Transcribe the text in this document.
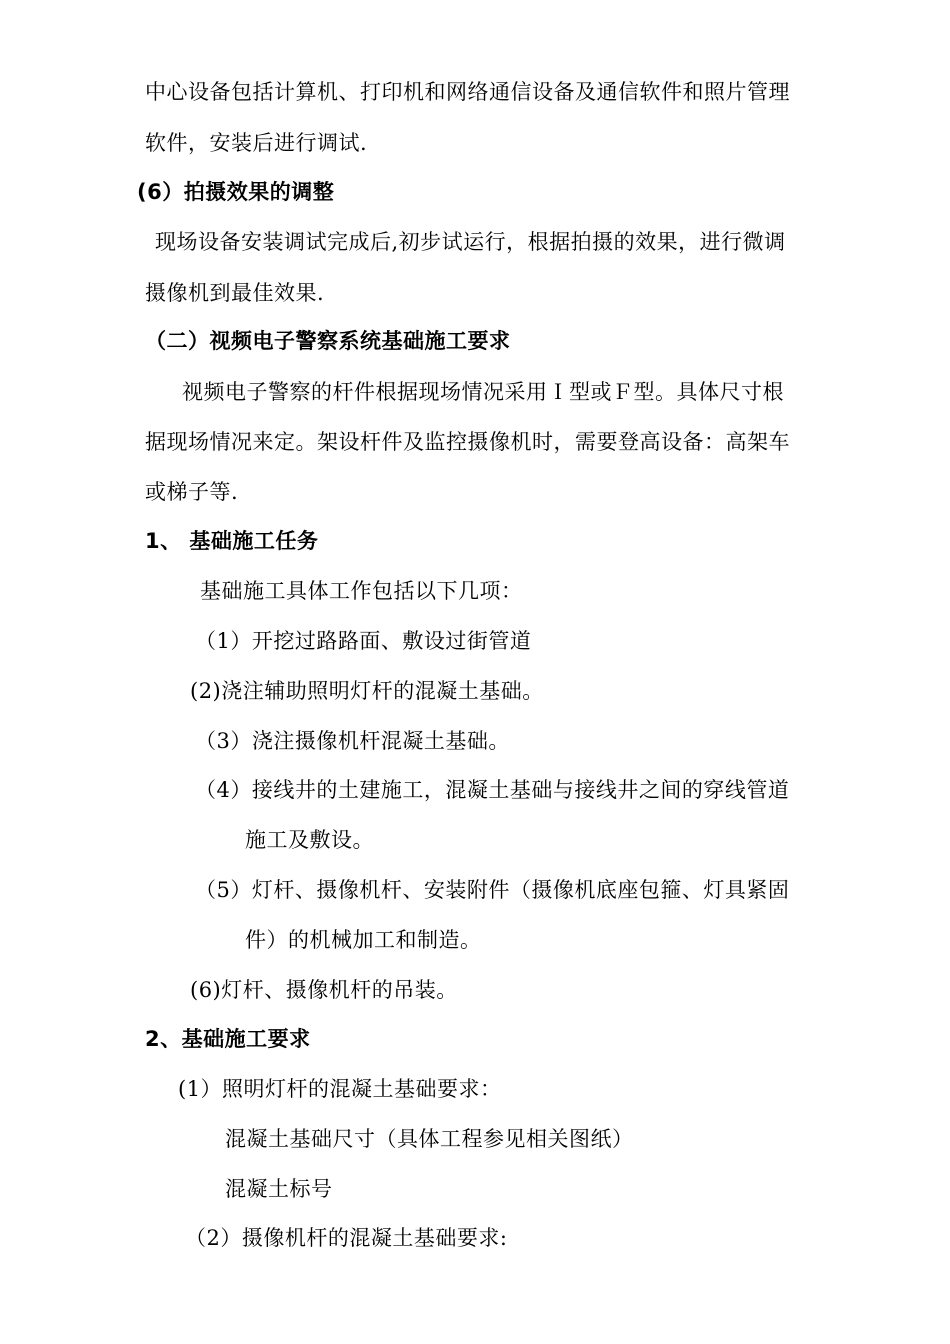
中心设备包括计算机、打印机和网络通信设备及通信软件和照片管理
软件，安装后进行调试.
(6）拍摄效果的调整
现场设备安装调试完成后,初步试运行，根据拍摄的效果，进行微调
摄像机到最佳效果.
（二）视频电子警察系统基础施工要求
视频电子警察的杆件根据现场情况采用Ｉ型或Ｆ型。具体尺寸根
据现场情况来定。架设杆件及监控摄像机时，需要登高设备：高架车
或梯子等.
1、 基础施工任务
基础施工具体工作包括以下几项：
（1）开挖过路路面、敷设过街管道
(2)浇注辅助照明灯杆的混凝土基础。
（3）浇注摄像机杆混凝土基础。
（4）接线井的土建施工，混凝土基础与接线井之间的穿线管道
施工及敷设。
（5）灯杆、摄像机杆、安装附件（摄像机底座包箍、灯具紧固
件）的机械加工和制造。
(6)灯杆、摄像机杆的吊装。
2、基础施工要求
(1）照明灯杆的混凝土基础要求：
混凝土基础尺寸（具体工程参见相关图纸）
混凝土标号
（2）摄像机杆的混凝土基础要求:
